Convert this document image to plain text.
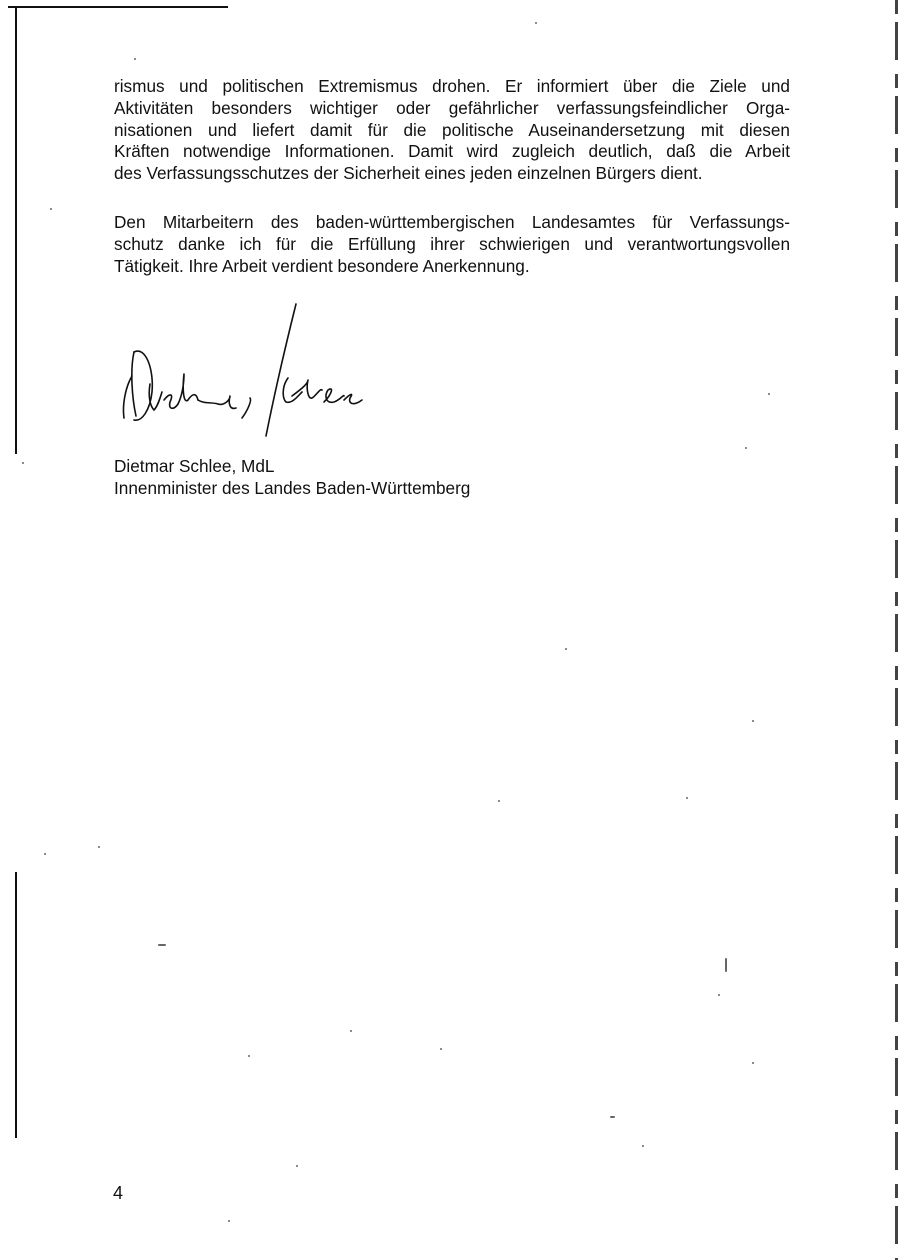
rismus und politischen Extremismus drohen. Er informiert über die Ziele und
Aktivitäten besonders wichtiger oder gefährlicher verfassungsfeindlicher Orga-
nisationen und liefert damit für die politische Auseinandersetzung mit diesen
Kräften notwendige Informationen. Damit wird zugleich deutlich, daß die Arbeit
des Verfassungsschutzes der Sicherheit eines jeden einzelnen Bürgers dient.

Den Mitarbeitern des baden-württembergischen Landesamtes für Verfassungs-
schutz danke ich für die Erfüllung ihrer schwierigen und verantwortungsvollen
Tätigkeit. Ihre Arbeit verdient besondere Anerkennung.

Dietmar Schlee, MdL
Innenminister des Landes Baden-Württemberg

4
